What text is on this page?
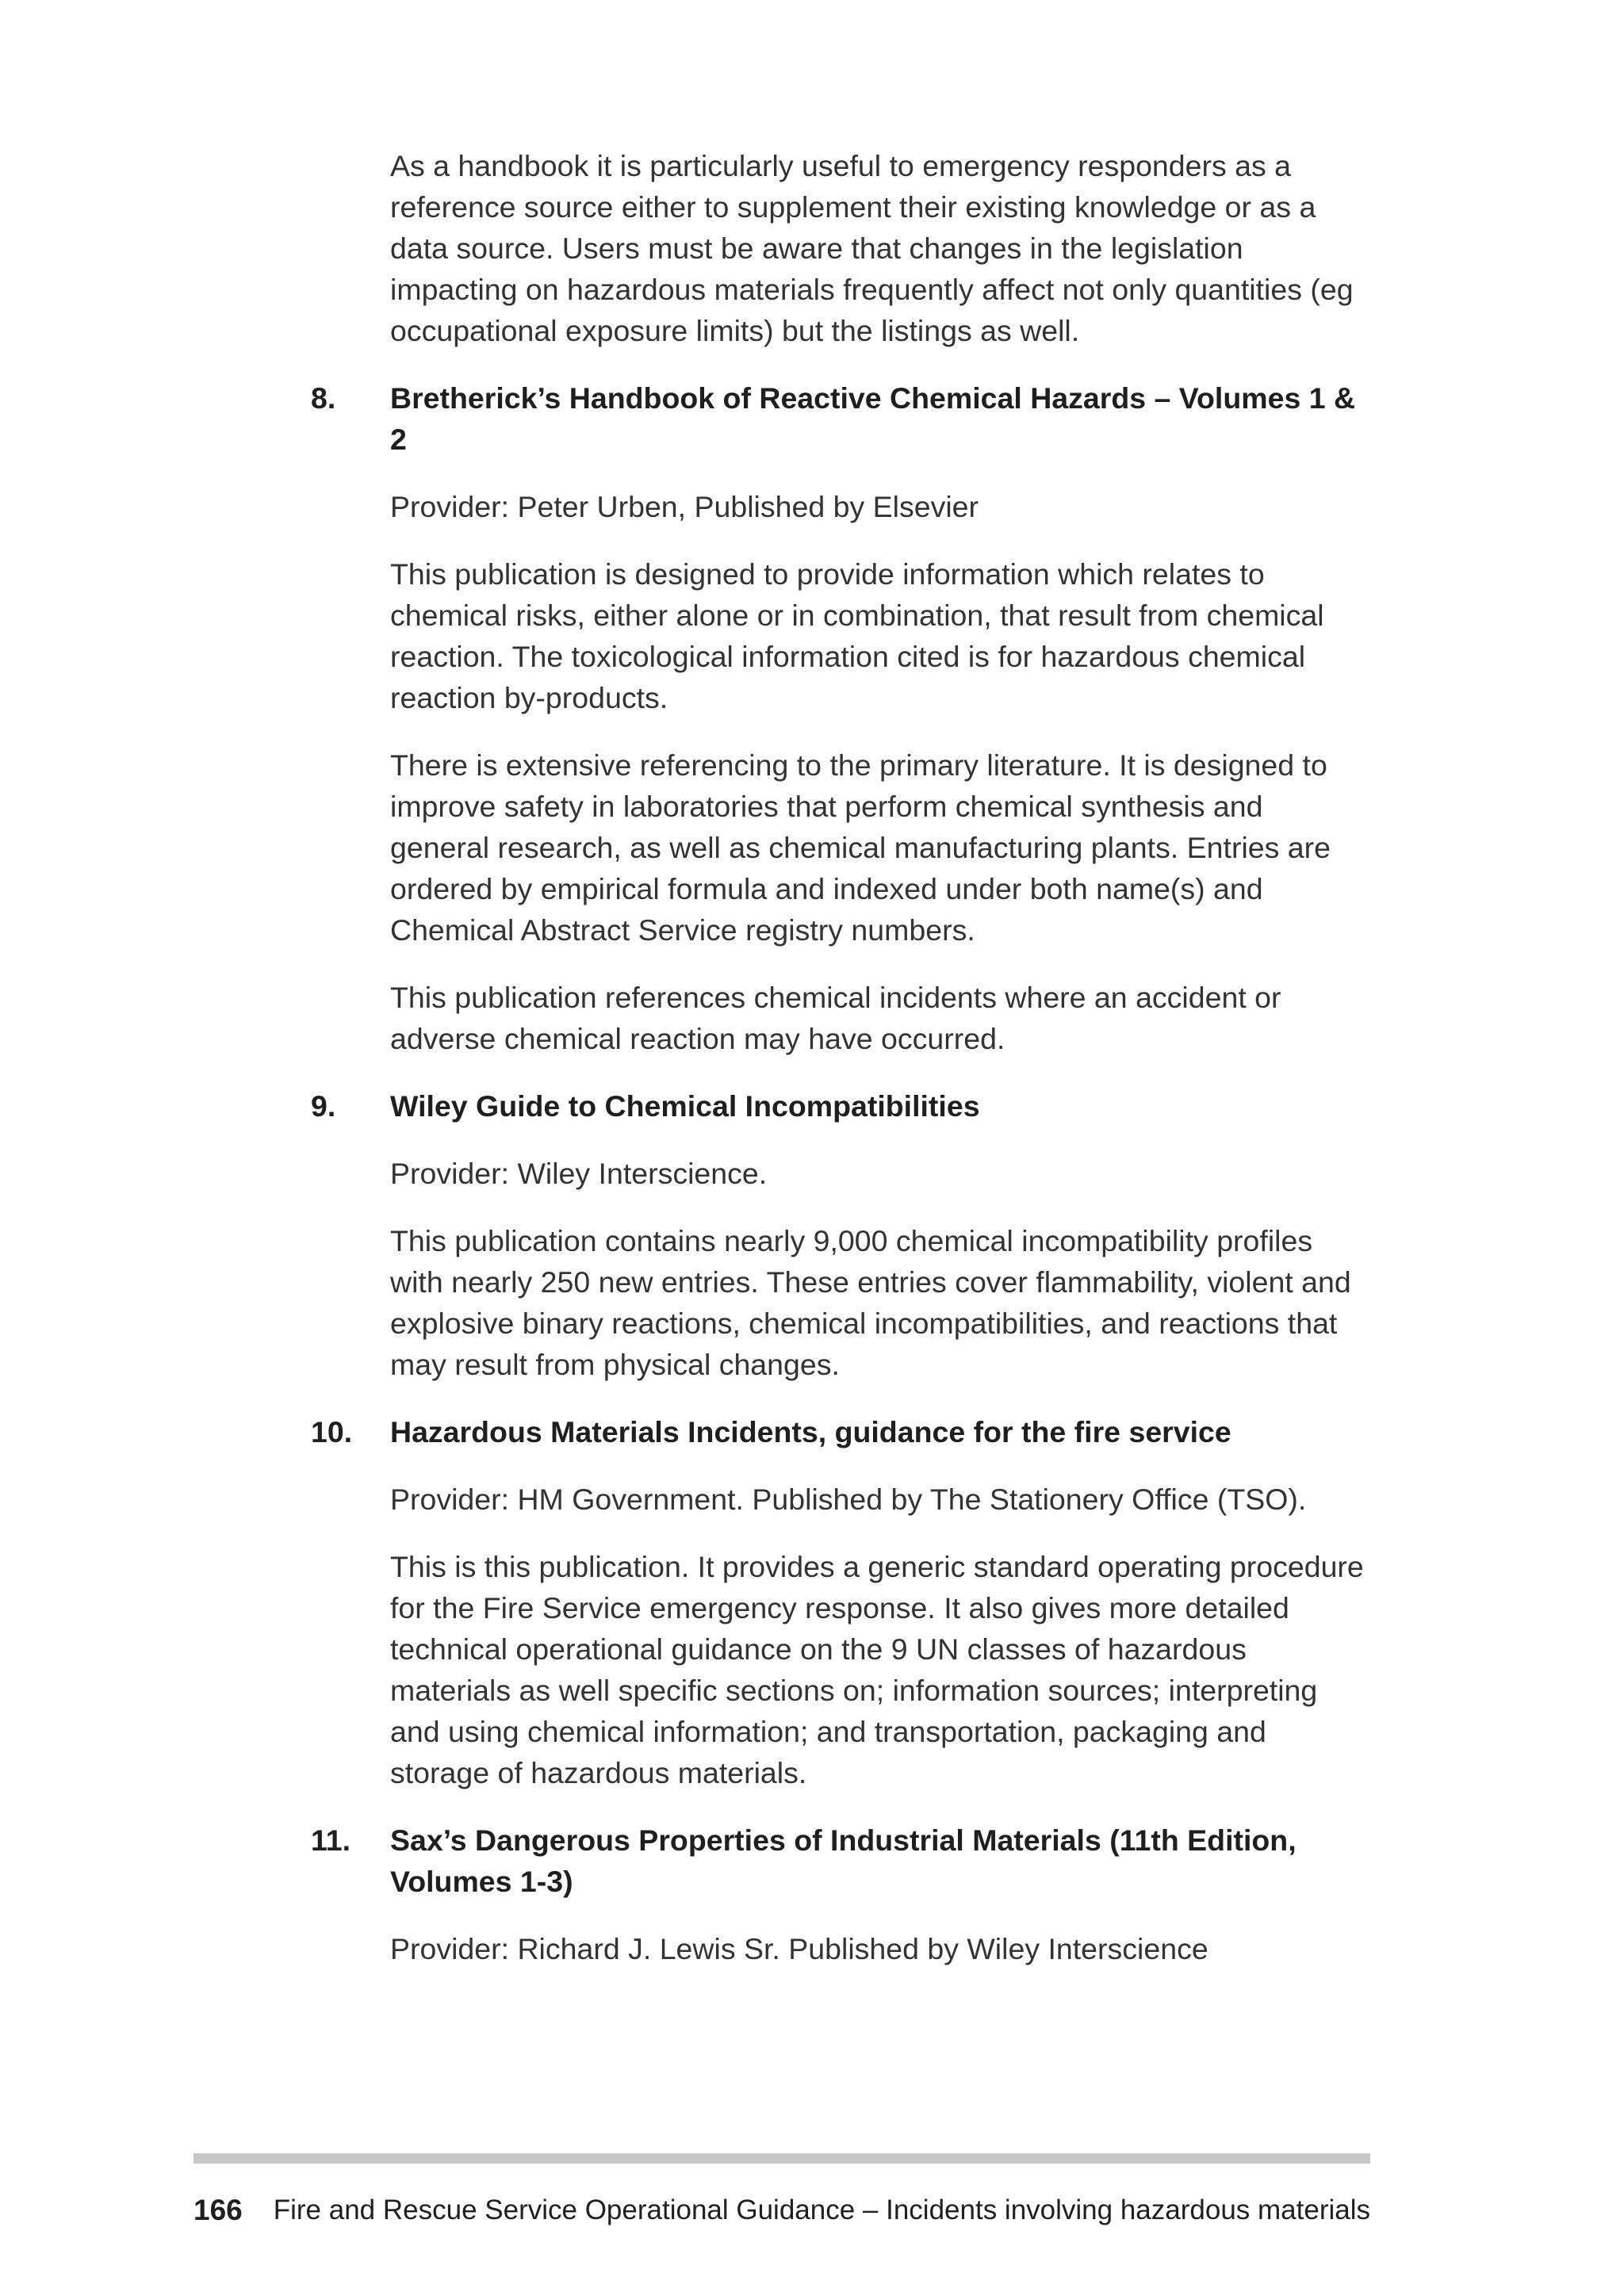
As a handbook it is particularly useful to emergency responders as a reference source either to supplement their existing knowledge or as a data source. Users must be aware that changes in the legislation impacting on hazardous materials frequently affect not only quantities (eg occupational exposure limits) but the listings as well.

8. Bretherick’s Handbook of Reactive Chemical Hazards – Volumes 1 & 2

Provider: Peter Urben, Published by Elsevier

This publication is designed to provide information which relates to chemical risks, either alone or in combination, that result from chemical reaction. The toxicological information cited is for hazardous chemical reaction by-products.

There is extensive referencing to the primary literature. It is designed to improve safety in laboratories that perform chemical synthesis and general research, as well as chemical manufacturing plants. Entries are ordered by empirical formula and indexed under both name(s) and Chemical Abstract Service registry numbers.

This publication references chemical incidents where an accident or adverse chemical reaction may have occurred.

9. Wiley Guide to Chemical Incompatibilities

Provider: Wiley Interscience.

This publication contains nearly 9,000 chemical incompatibility profiles with nearly 250 new entries. These entries cover flammability, violent and explosive binary reactions, chemical incompatibilities, and reactions that may result from physical changes.

10. Hazardous Materials Incidents, guidance for the fire service

Provider: HM Government. Published by The Stationery Office (TSO).

This is this publication. It provides a generic standard operating procedure for the Fire Service emergency response. It also gives more detailed technical operational guidance on the 9 UN classes of hazardous materials as well specific sections on; information sources; interpreting and using chemical information; and transportation, packaging and storage of hazardous materials.

11. Sax’s Dangerous Properties of Industrial Materials (11th Edition, Volumes 1-3)

Provider: Richard J. Lewis Sr. Published by Wiley Interscience

166 Fire and Rescue Service Operational Guidance – Incidents involving hazardous materials
